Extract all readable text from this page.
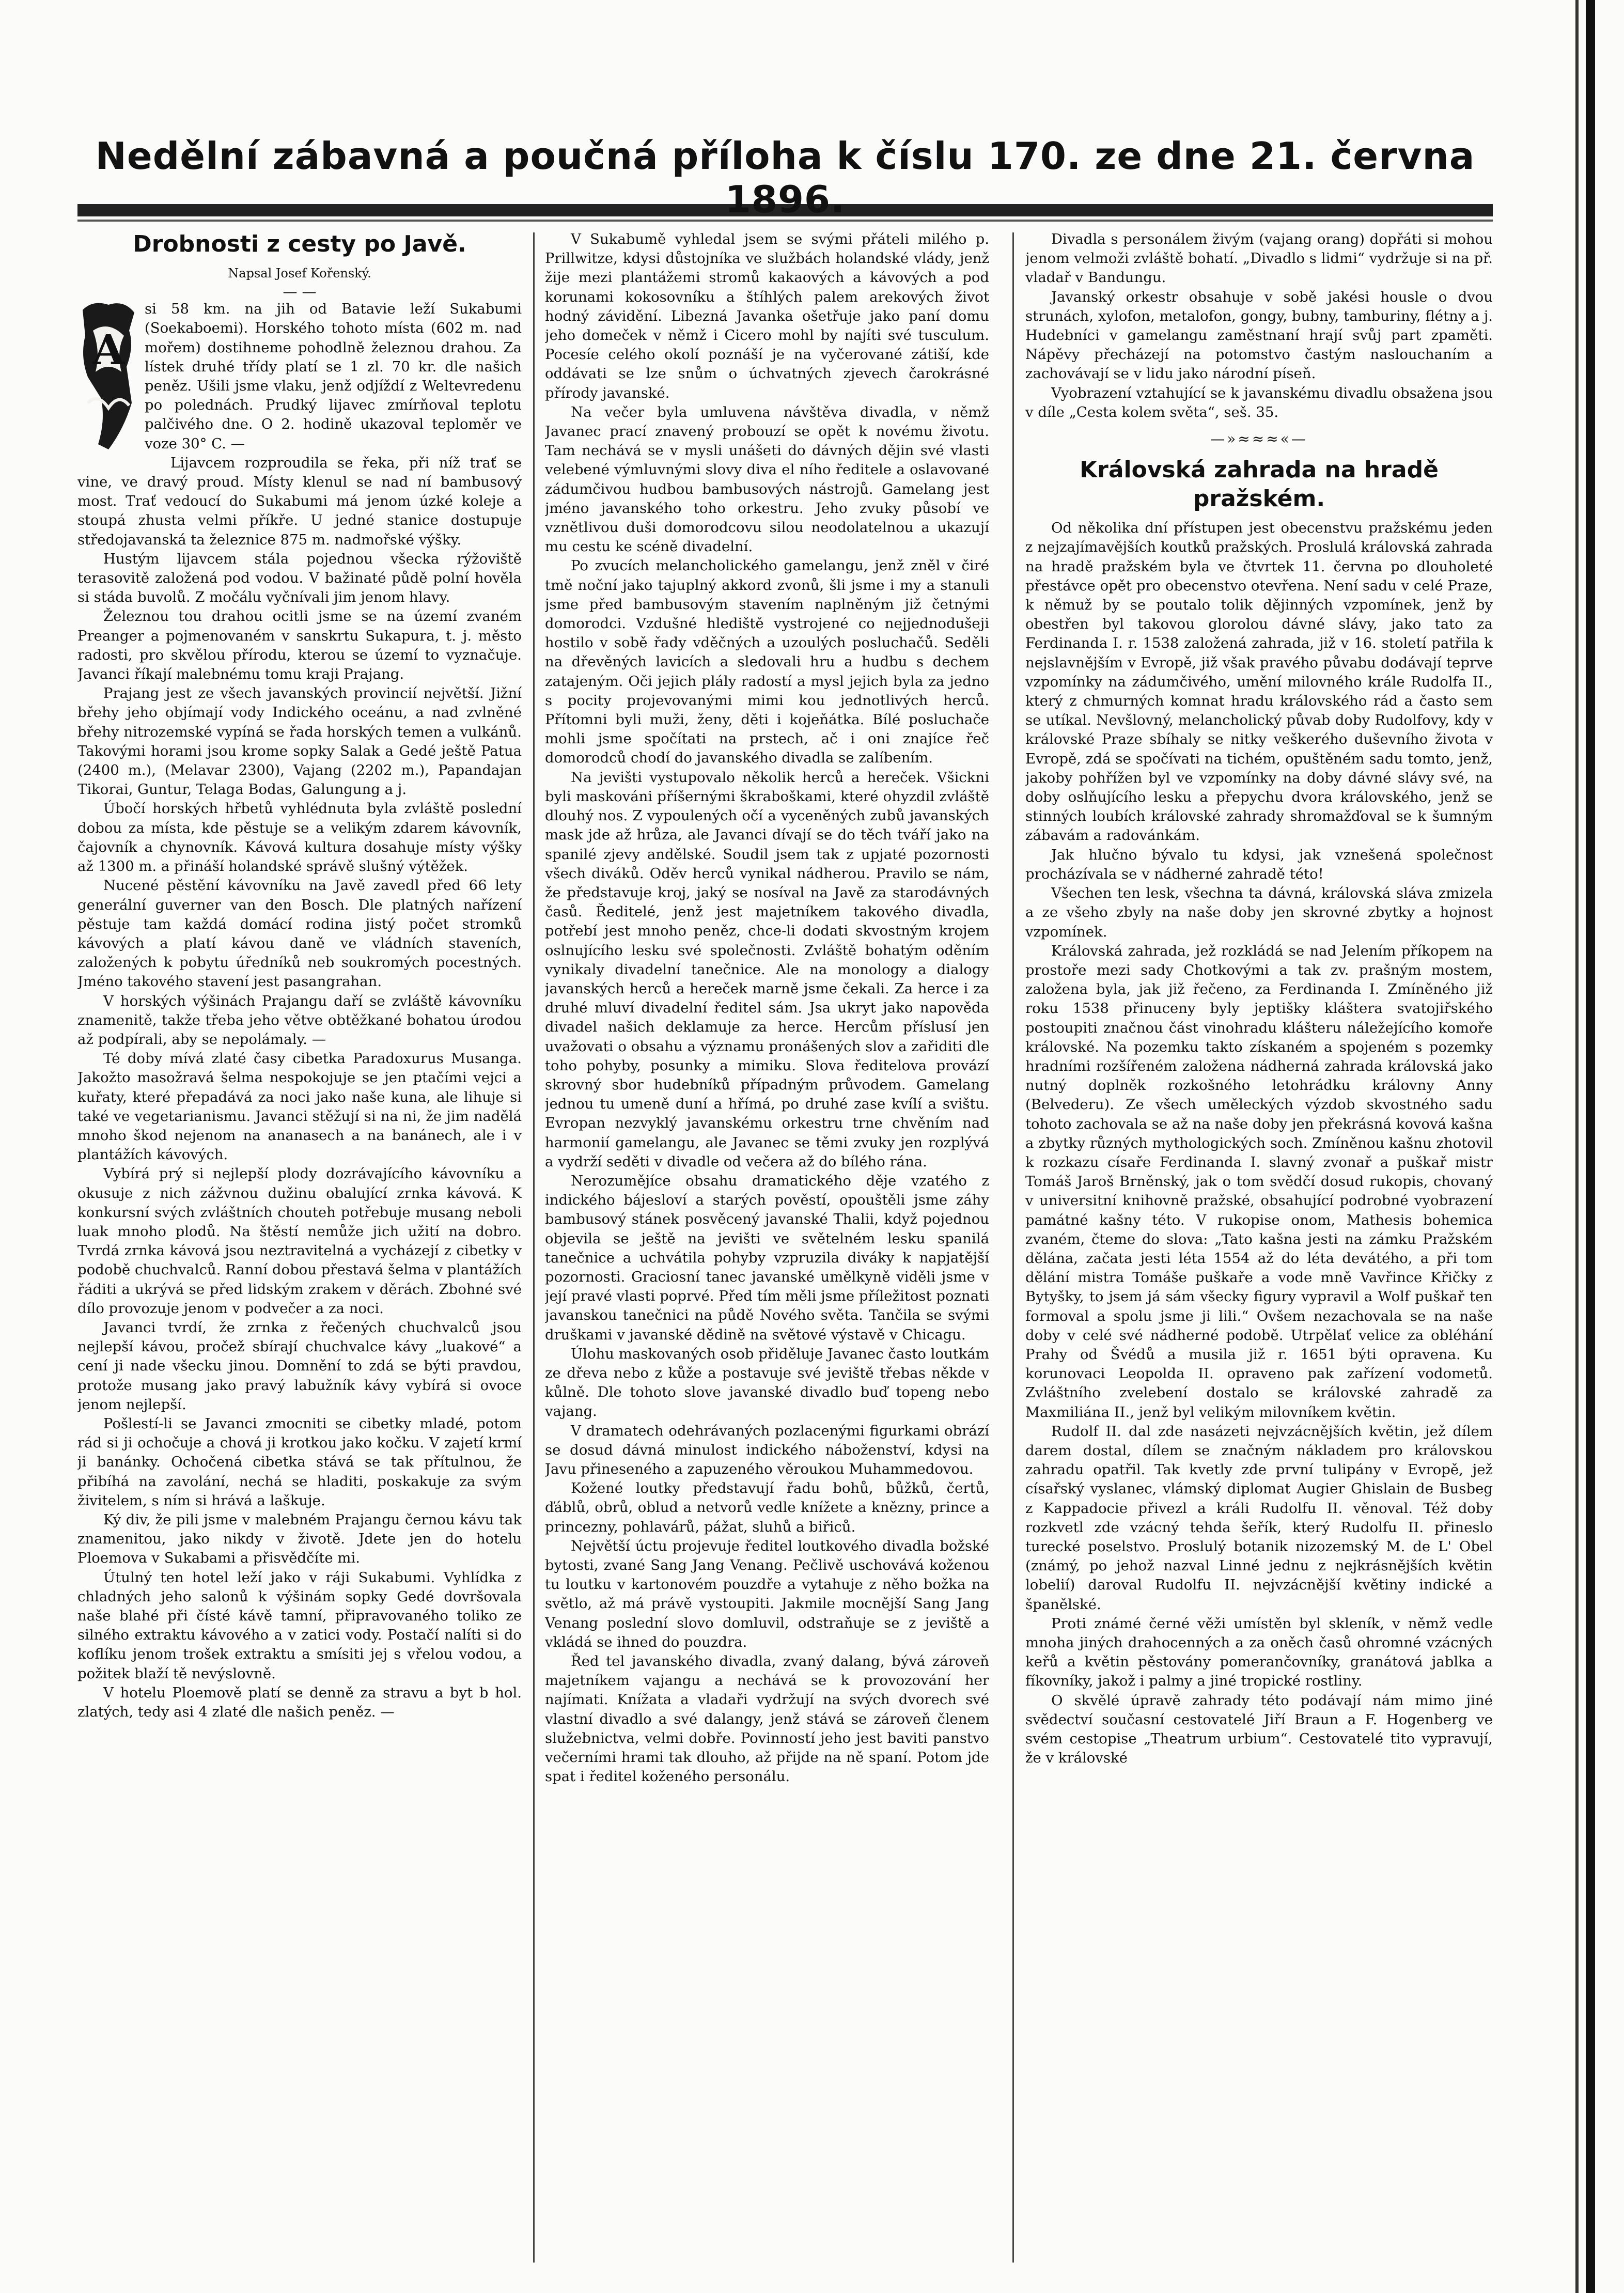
Nedělní zábavná a poučná příloha k číslu 170. ze dne 21. června 1896.
Drobnosti z cesty po Javě.
Napsal Josef Kořenský.
— —
A

si 58 km. na jih od Batavie leží Sukabumi (Soekaboemi). Horského tohoto místa (602 m. nad mořem) dostihneme pohodlně železnou drahou. Za lístek druhé třídy platí se 1 zl. 70 kr. dle našich peněz. Ušili jsme vlaku, jenž odjíždí z Weltevredenu po polednách. Prudký lijavec zmírňoval teplotu palčivého dne. O 2. hodině ukazoval teploměr ve voze 30° C. —

Lijavcem rozproudila se řeka, při níž trať se vine, ve dravý proud. Místy klenul se nad ní bambusový most. Trať vedoucí do Sukabumi má jenom úzké koleje a stoupá zhusta velmi příkře. U jedné stanice dostupuje středojavanská ta železnice 875 m. nadmořské výšky.

Hustým lijavcem stála pojednou všecka rýžoviště terasovitě založená pod vodou. V bažinaté půdě polní hověla si stáda buvolů. Z močálu vyčnívali jim jenom hlavy.

Železnou tou drahou ocitli jsme se na území zvaném Preanger a pojmenovaném v sanskrtu Sukapura, t. j. město radosti, pro skvělou přírodu, kterou se území to vyznačuje. Javanci říkají malebnému tomu kraji Prajang.

Prajang jest ze všech javanských provincií největší. Jižní břehy jeho objímají vody Indického oceánu, a nad zvlněné břehy nitrozemské vypíná se řada horských temen a vulkánů. Takovými horami jsou krome sopky Salak a Gedé ještě Patua (2400 m.), (Melavar 2300), Vajang (2202 m.), Papandajan Tikorai, Guntur, Telaga Bodas, Galungung a j.

Úbočí horských hřbetů vyhlédnuta byla zvláště poslední dobou za místa, kde pěstuje se a velikým zdarem kávovník, čajovník a chynovník. Kávová kultura dosahuje místy výšky až 1300 m. a přináší holandské správě slušný výtěžek.

Nucené pěstění kávovníku na Javě zavedl před 66 lety generální guverner van den Bosch. Dle platných nařízení pěstuje tam každá domácí rodina jistý počet stromků kávových a platí kávou daně ve vládních staveních, založených k pobytu úředníků neb soukromých pocestných. Jméno takového stavení jest pasangrahan.

V horských výšinách Prajangu daří se zvláště kávovníku znamenitě, takže třeba jeho větve obtěžkané bohatou úrodou až podpírali, aby se nepolámaly. —

Té doby mívá zlaté časy cibetka Paradoxurus Musanga. Jakožto masožravá šelma nespokojuje se jen ptačími vejci a kuřaty, které přepadává za noci jako naše kuna, ale lihuje si také ve vegetarianismu. Javanci stěžují si na ni, že jim nadělá mnoho škod nejenom na ananasech a na banánech, ale i v plantážích kávových.

Vybírá prý si nejlepší plody dozrávajícího kávovníku a okusuje z nich zážvnou dužinu obalující zrnka kávová. K konkursní svých zvláštních chouteh potřebuje musang neboli luak mnoho plodů. Na štěstí nemůže jich užití na dobro. Tvrdá zrnka kávová jsou neztravitelná a vycházejí z cibetky v podobě chuchvalců. Ranní dobou přestavá šelma v plantážích řáditi a ukrývá se před lidským zrakem v děrách. Zbohné své dílo provozuje jenom v podvečer a za noci.

Javanci tvrdí, že zrnka z řečených chuchvalců jsou nejlepší kávou, pročež sbírají chuchvalce kávy „luakové“ a cení ji nade všecku jinou. Domnění to zdá se býti pravdou, protože musang jako pravý labužník kávy vybírá si ovoce jenom nejlepší.

Pošlestí-li se Javanci zmocniti se cibetky mladé, potom rád si ji ochočuje a chová ji krotkou jako kočku. V zajetí krmí ji banánky. Ochočená cibetka stává se tak přítulnou, že přibíhá na zavolání, nechá se hladiti, poskakuje za svým živitelem, s ním si hrává a laškuje.

Ký div, že pili jsme v malebném Prajangu černou kávu tak znamenitou, jako nikdy v životě. Jdete jen do hotelu Ploemova v Sukabami a přisvědčíte mi.

Útulný ten hotel leží jako v ráji Sukabumi. Vyhlídka z chladných jeho salonů k výšinám sopky Gedé dovršovala naše blahé při čísté kávě tamní, připravovaného toliko ze silného extraktu kávového a v zatici vody. Postačí nalíti si do koflíku jenom trošek extraktu a smísiti jej s vřelou vodou, a požitek blaží tě nevýslovně.

V hotelu Ploemově platí se denně za stravu a byt b hol. zlatých, tedy asi 4 zlaté dle našich peněz. —

V Sukabumě vyhledal jsem se svými přáteli milého p. Prillwitze, kdysi důstojníka ve službách holandské vlády, jenž žije mezi plantážemi stromů kakaových a kávových a pod korunami kokosovníku a štíhlých palem arekových život hodný závidění. Libezná Javanka ošetřuje jako paní domu jeho domeček v němž i Cicero mohl by najíti své tusculum. Pocesíe celého okolí poznáší je na vyčerované zátiší, kde oddávati se lze snům o úchvatných zjevech čarokrásné přírody javanské.

Na večer byla umluvena návštěva divadla, v němž Javanec prací znavený probouzí se opět k novému životu. Tam nechává se v mysli unášeti do dávných dějin své vlasti velebené výmluvnými slovy diva el ního ředitele a oslavované zádumčivou hudbou bambusových nástrojů. Gamelang jest jméno javanského toho orkestru. Jeho zvuky působí ve vznětlivou duši domorodcovu silou neodolatelnou a ukazují mu cestu ke scéně divadelní.

Po zvucích melancholického gamelangu, jenž zněl v čiré tmě noční jako tajuplný akkord zvonů, šli jsme i my a stanuli jsme před bambusovým stavením naplněným již četnými domorodci. Vzdušné hlediště vystrojené co nejjednodušeji hostilo v sobě řady vděčných a uzoulých posluchačů. Seděli na dřevěných lavicích a sledovali hru a hudbu s dechem zatajeným. Oči jejich plály radostí a mysl jejich byla za jedno s pocity projevovanými mimi kou jednotlivých herců. Přítomni byli muži, ženy, děti i kojeňátka. Bílé posluchače mohli jsme spočítati na prstech, ač i oni znajíce řeč domorodců chodí do javanského divadla se zalíbením.

Na jevišti vystupovalo několik herců a hereček. Všickni byli maskováni příšernými škraboškami, které ohyzdil zvláště dlouhý nos. Z vypoulených očí a vyceněných zubů javanských mask jde až hrůza, ale Javanci dívají se do těch tváří jako na spanilé zjevy andělské. Soudil jsem tak z upjaté pozornosti všech diváků. Oděv herců vynikal nádherou. Pravilo se nám, že představuje kroj, jaký se nosíval na Javě za starodávných časů. Ředitelé, jenž jest majetníkem takového divadla, potřebí jest mnoho peněz, chce-li dodati skvostným krojem oslnujícího lesku své společnosti. Zvláště bohatým oděním vynikaly divadelní tanečnice. Ale na monology a dialogy javanských herců a hereček marně jsme čekali. Za herce i za druhé mluví divadelní ředitel sám. Jsa ukryt jako napověda divadel našich deklamuje za herce. Hercům příslusí jen uvažovati o obsahu a významu pronášených slov a zařiditi dle toho pohyby, posunky a mimiku. Slova ředitelova provází skrovný sbor hudebníků případným průvodem. Gamelang jednou tu umeně duní a hřímá, po druhé zase kvílí a svištu. Evropan nezvyklý javanskému orkestru trne chvěním nad harmonií gamelangu, ale Javanec se těmi zvuky jen rozplývá a vydrží seděti v divadle od večera až do bílého rána.

Nerozumějíce obsahu dramatického děje vzatého z indického bájesloví a starých pověstí, opouštěli jsme záhy bambusový stánek posvěcený javanské Thalii, když pojednou objevila se ještě na jevišti ve světelném lesku spanilá tanečnice a uchvátila pohyby vzpruzila diváky k napjatější pozornosti. Graciosní tanec javanské umělkyně viděli jsme v její pravé vlasti poprvé. Před tím měli jsme příležitost poznati javanskou tanečnici na půdě Nového světa. Tančila se svými druškami v javanské dědině na světové výstavě v Chicagu.

Úlohu maskovaných osob přiděluje Javanec často loutkám ze dřeva nebo z kůže a postavuje své jeviště třebas někde v kůlně. Dle tohoto slove javanské divadlo buď topeng nebo vajang.

V dramatech odehrávaných pozlacenými figurkami obrází se dosud dávná minulost indického náboženství, kdysi na Javu přineseného a zapuzeného věroukou Muhammedovou.

Kožené loutky představují řadu bohů, bůžků, čertů, ďáblů, obrů, oblud a netvorů vedle knížete a knězny, prince a princezny, pohlavárů, pážat, sluhů a biřiců.

Největší úctu projevuje ředitel loutkového divadla božské bytosti, zvané Sang Jang Venang. Pečlivě uschovává koženou tu loutku v kartonovém pouzdře a vytahuje z něho božka na světlo, až má právě vystoupiti. Jakmile mocnější Sang Jang Venang poslední slovo domluvil, odstraňuje se z jeviště a vkládá se ihned do pouzdra.

Řed tel javanského divadla, zvaný dalang, bývá zároveň majetníkem vajangu a nechává se k provozování her najímati. Knížata a vladaři vydržují na svých dvorech své vlastní divadlo a své dalangy, jenž stává se zároveň členem služebnictva, velmi dobře. Povinností jeho jest baviti panstvo večerními hrami tak dlouho, až přijde na ně spaní. Potom jde spat i ředitel koženého personálu.

Divadla s personálem živým (vajang orang) dopřáti si mohou jenom velmoži zvláště bohatí. „Divadlo s lidmi“ vydržuje si na př. vladař v Bandungu.

Javanský orkestr obsahuje v sobě jakési housle o dvou strunách, xylofon, metalofon, gongy, bubny, tamburiny, flétny a j. Hudebníci v gamelangu zaměstnaní hrají svůj part zpaměti. Nápěvy přecházejí na potomstvo častým naslouchaním a zachovávají se v lidu jako národní píseň.

Vyobrazení vztahující se k javanskému divadlu obsažena jsou v díle „Cesta kolem světa“, seš. 35.

—»≈≈≈«—
Královská zahrada na hradě pražském.

Od několika dní přístupen jest obecenstvu pražskému jeden z nejzajímavějších koutků pražských. Proslulá královská zahrada na hradě pražském byla ve čtvrtek 11. června po dlouholeté přestávce opět pro obecenstvo otevřena. Není sadu v celé Praze, k němuž by se poutalo tolik dějinných vzpomínek, jenž by obestřen byl takovou glorolou dávné slávy, jako tato za Ferdinanda I. r. 1538 založená zahrada, již v 16. století patřila k nejslavnějším v Evropě, již však pravého půvabu dodávají teprve vzpomínky na zádumčivého, umění milovného krále Rudolfa II., který z chmurných komnat hradu královského rád a často sem se utíkal. Nevšlovný, melancholický půvab doby Rudolfovy, kdy v královské Praze sbíhaly se nitky veškerého duševního života v Evropě, zdá se spočívati na tichém, opuštěném sadu tomto, jenž, jakoby pohřížen byl ve vzpomínky na doby dávné slávy své, na doby oslňujícího lesku a přepychu dvora královského, jenž se stinných loubích královské zahrady shromažďoval se k šumným zábavám a radovánkám.

Jak hlučno bývalo tu kdysi, jak vznešená společnost procházívala se v nádherné zahradě této!

Všechen ten lesk, všechna ta dávná, královská sláva zmizela a ze všeho zbyly na naše doby jen skrovné zbytky a hojnost vzpomínek.

Královská zahrada, jež rozkládá se nad Jelením příkopem na prostoře mezi sady Chotkovými a tak zv. prašným mostem, založena byla, jak již řečeno, za Ferdinanda I. Zmíněného již roku 1538 přinuceny byly jeptišky kláštera svatojiřského postoupiti značnou část vinohradu klášteru náležejícího komoře královské. Na pozemku takto získaném a spojeném s pozemky hradními rozšířeném založena nádherná zahrada královská jako nutný doplněk rozkošného letohrádku královny Anny (Belvederu). Ze všech uměleckých výzdob skvostného sadu tohoto zachovala se až na naše doby jen překrásná kovová kašna a zbytky různých mythologických soch. Zmíněnou kašnu zhotovil k rozkazu císaře Ferdinanda I. slavný zvonař a puškař mistr Tomáš Jaroš Brněnský, jak o tom svědčí dosud rukopis, chovaný v universitní knihovně pražské, obsahující podrobné vyobrazení památné kašny této. V rukopise onom, Mathesis bohemica zvaném, čteme do slova: „Tato kašna jesti na zámku Pražském dělána, začata jesti léta 1554 až do léta devátého, a při tom dělání mistra Tomáše puškaře a vode mně Vavřince Křičky z Bytyšky, to jsem já sám všecky figury vypravil a Wolf puškař ten formoval a spolu jsme ji lili.“ Ovšem nezachovala se na naše doby v celé své nádherné podobě. Utrpělať velice za obléhání Prahy od Švédů a musila již r. 1651 býti opravena. Ku korunovaci Leopolda II. opraveno pak zařízení vodometů. Zvláštního zvelebení dostalo se královské zahradě za Maxmiliána II., jenž byl velikým milovníkem květin.

Rudolf II. dal zde nasázeti nejvzácnějších květin, jež dílem darem dostal, dílem se značným nákladem pro královskou zahradu opatřil. Tak kvetly zde první tulipány v Evropě, jež císařský vyslanec, vlámský diplomat Augier Ghislain de Busbeg z Kappadocie přivezl a králi Rudolfu II. věnoval. Též doby rozkvetl zde vzácný tehda šeřík, který Rudolfu II. přineslo turecké poselstvo. Proslulý botanik nizozemský M. de L' Obel (známý, po jehož nazval Linné jednu z nejkrásnějších květin lobelií) daroval Rudolfu II. nejvzácnější květiny indické a španělské.

Proti známé černé věži umístěn byl skleník, v němž vedle mnoha jiných drahocenných a za oněch časů ohromné vzácných keřů a květin pěstovány pomerančovníky, granátová jablka a fíkovníky, jakož i palmy a jiné tropické rostliny.

O skvělé úpravě zahrady této podávají nám mimo jiné svědectví současní cestovatelé Jiří Braun a F. Hogenberg ve svém cestopise „Theatrum urbium“. Cestovatelé tito vypravují, že v královské
